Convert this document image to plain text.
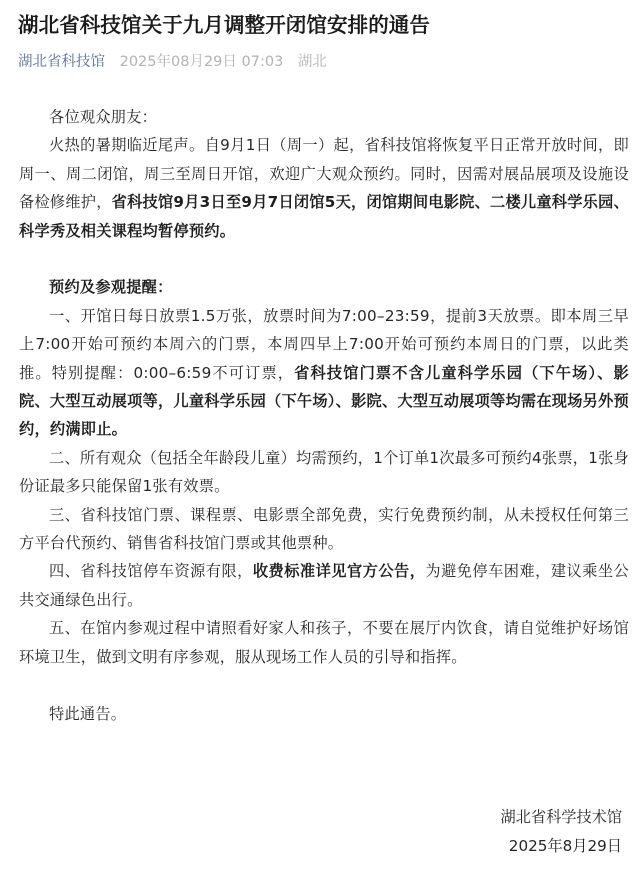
湖北省科技馆关于九月调整开闭馆安排的通告
湖北省科技馆 2025年08月29日 07:03 湖北

各位观众朋友：

火热的暑期临近尾声。自9月1日（周一）起，省科技馆将恢复平日正常开放时间，即周一、周二闭馆，周三至周日开馆，欢迎广大观众预约。同时，因需对展品展项及设施设备检修维护，省科技馆9月3日至9月7日闭馆5天，闭馆期间电影院、二楼儿童科学乐园、科学秀及相关课程均暂停预约。

预约及参观提醒：

一、开馆日每日放票1.5万张，放票时间为7:00–23:59，提前3天放票。即本周三早上7:00开始可预约本周六的门票，本周四早上7:00开始可预约本周日的门票，以此类推。特别提醒：0:00–6:59不可订票，省科技馆门票不含儿童科学乐园（下午场）、影院、大型互动展项等，儿童科学乐园（下午场）、影院、大型互动展项等均需在现场另外预约，约满即止。

二、所有观众（包括全年龄段儿童）均需预约，1个订单1次最多可预约4张票，1张身份证最多只能保留1张有效票。

三、省科技馆门票、课程票、电影票全部免费，实行免费预约制，从未授权任何第三方平台代预约、销售省科技馆门票或其他票种。

四、省科技馆停车资源有限，收费标准详见官方公告，为避免停车困难，建议乘坐公共交通绿色出行。

五、在馆内参观过程中请照看好家人和孩子，不要在展厅内饮食，请自觉维护好场馆环境卫生，做到文明有序参观，服从现场工作人员的引导和指挥。

特此通告。

湖北省科学技术馆
2025年8月29日
